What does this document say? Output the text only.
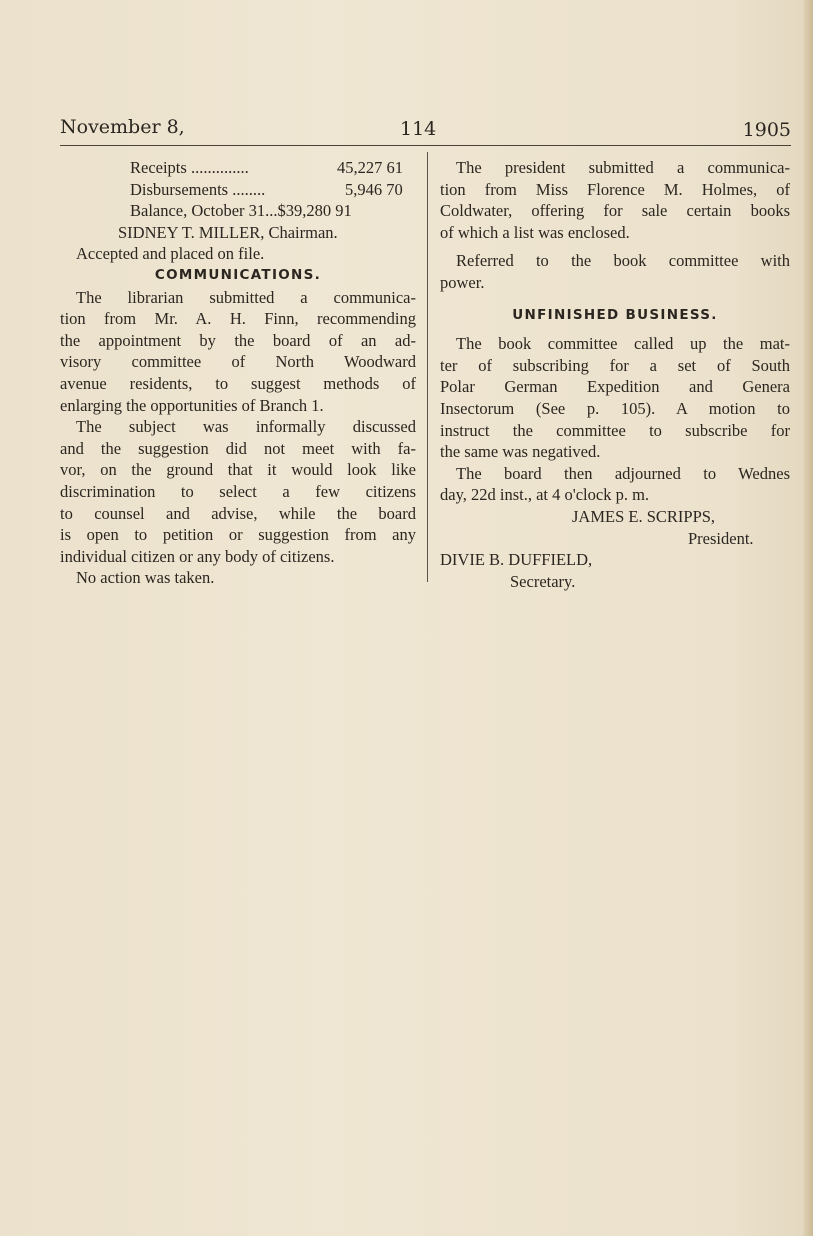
November 8,	114	1905
Receipts ..............	45,227 61
Disbursements ........	5,946 70
Balance, October 31...$39,280 91
SIDNEY T. MILLER, Chairman.
Accepted and placed on file.
COMMUNICATIONS.
The librarian submitted a communica-
tion from Mr. A. H. Finn, recommending
the appointment by the board of an ad-
visory committee of North Woodward
avenue residents, to suggest methods of
enlarging the opportunities of Branch 1.
The subject was informally discussed
and the suggestion did not meet with fa-
vor, on the ground that it would look like
discrimination to select a few citizens
to counsel and advise, while the board
is open to petition or suggestion from any
individual citizen or any body of citizens.
No action was taken.
The president submitted a communica-
tion from Miss Florence M. Holmes, of
Coldwater, offering for sale certain books
of which a list was enclosed.
Referred to the book committee with
power.
UNFINISHED BUSINESS.
The book committee called up the mat-
ter of subscribing for a set of South
Polar German Expedition and Genera
Insectorum (See p. 105). A motion to
instruct the committee to subscribe for
the same was negatived.
The board then adjourned to Wednes
day, 22d inst., at 4 o'clock p. m.
JAMES E. SCRIPPS,
President.
DIVIE B. DUFFIELD,
Secretary.
